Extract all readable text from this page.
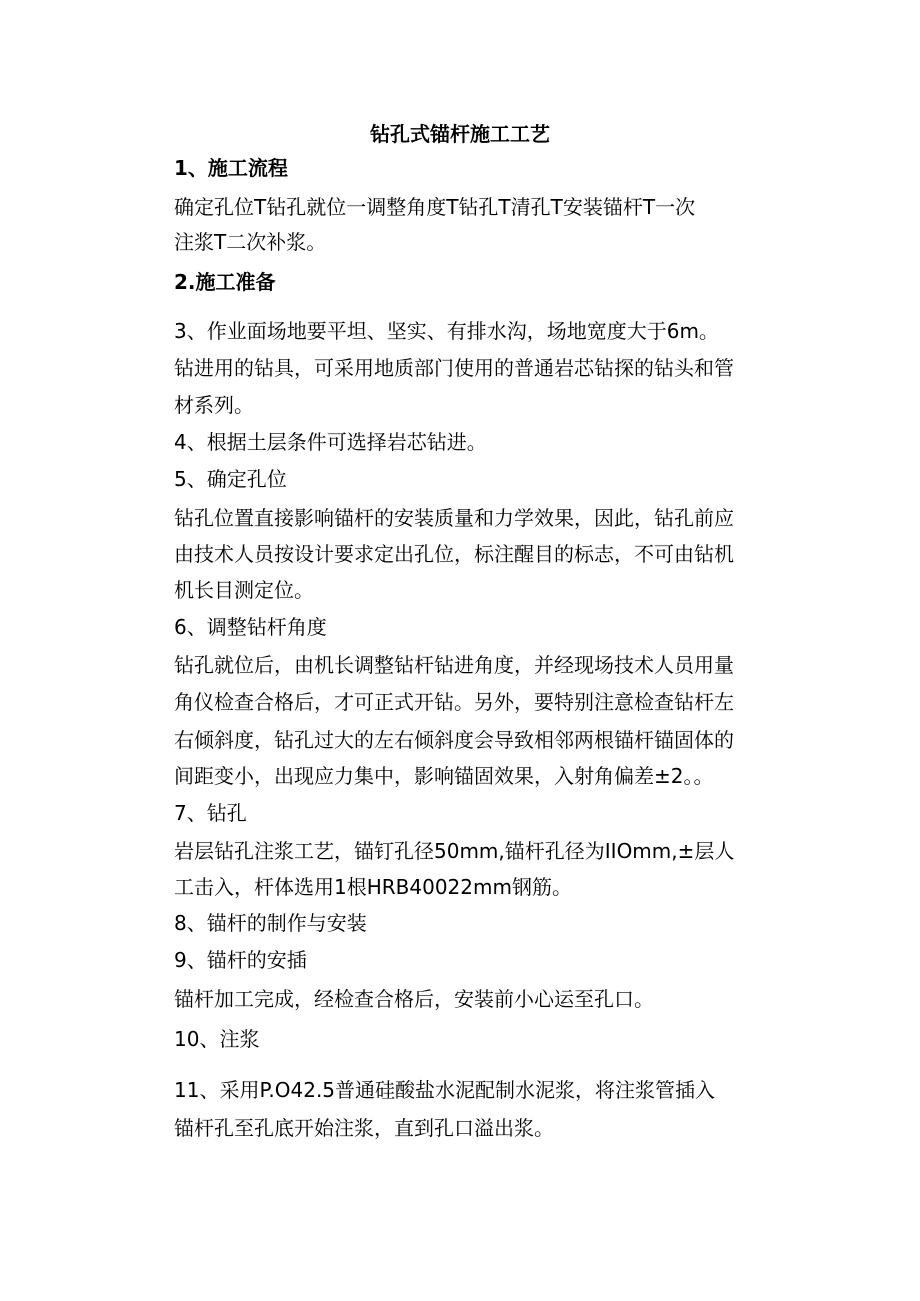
钻孔式锚杆施工工艺
1、施工流程
确定孔位T钻孔就位一调整角度T钻孔T清孔T安装锚杆T一次
注浆T二次补浆。
2.施工准备
3、作业面场地要平坦、坚实、有排水沟，场地宽度大于6m。
钻进用的钻具，可采用地质部门使用的普通岩芯钻探的钻头和管
材系列。
4、根据土层条件可选择岩芯钻进。
5、确定孔位
钻孔位置直接影响锚杆的安装质量和力学效果，因此，钻孔前应
由技术人员按设计要求定出孔位，标注醒目的标志，不可由钻机
机长目测定位。
6、调整钻杆角度
钻孔就位后，由机长调整钻杆钻进角度，并经现场技术人员用量
角仪检查合格后，才可正式开钻。另外，要特别注意检查钻杆左
右倾斜度，钻孔过大的左右倾斜度会导致相邻两根锚杆锚固体的
间距变小，出现应力集中，影响锚固效果，入射角偏差±2。。
7、钻孔
岩层钻孔注浆工艺，锚钉孔径50mm,锚杆孔径为IIOmm,±层人
工击入，杆体选用1根HRB40022mm钢筋。
8、锚杆的制作与安装
9、锚杆的安插
锚杆加工完成，经检查合格后，安装前小心运至孔口。
10、注浆
11、采用P.O42.5普通硅酸盐水泥配制水泥浆，将注浆管插入
锚杆孔至孔底开始注浆，直到孔口溢出浆。
